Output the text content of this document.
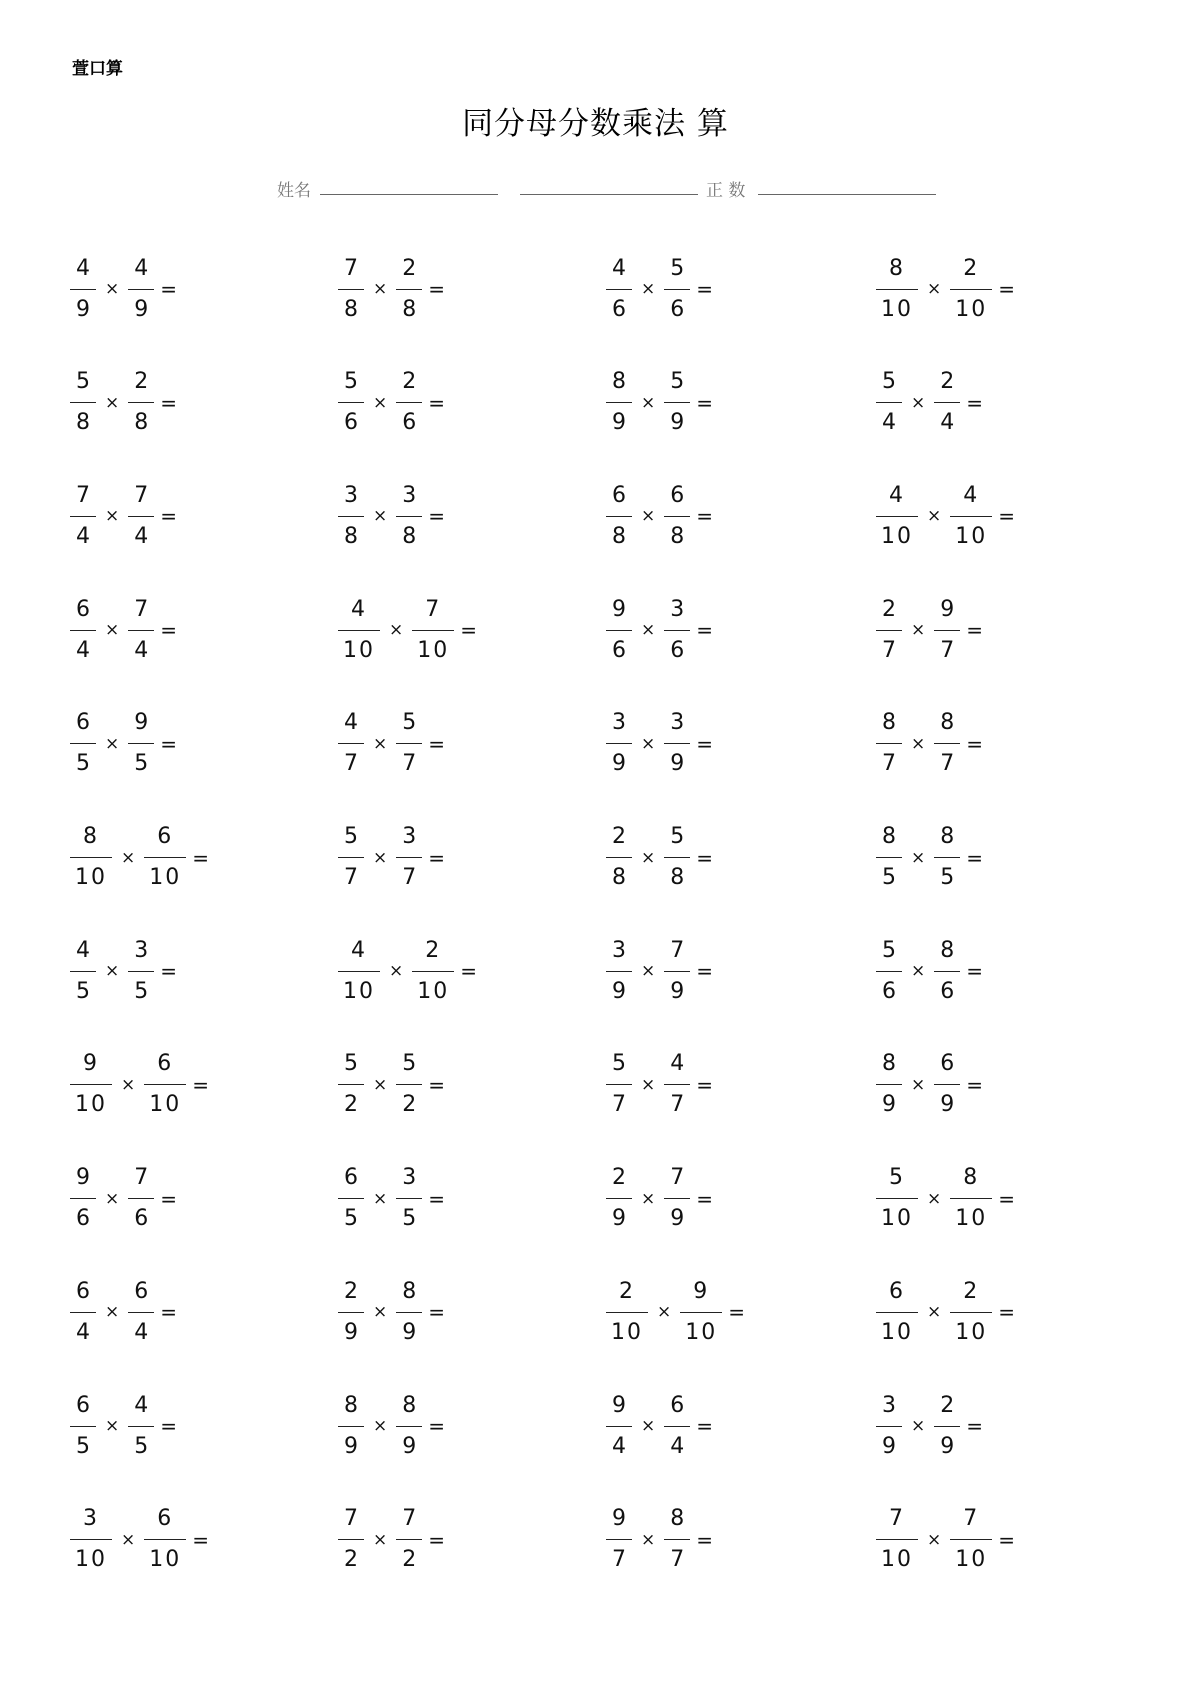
萱口算
同分母分数乘法 算
姓名	正 数
$\frac{4}{9} \times \frac{4}{9}$ =	$\frac{7}{8} \times \frac{2}{8}$ =	$\frac{4}{6} \times \frac{5}{6}$ =	$\frac{8}{10} \times \frac{2}{10}$ =
$\frac{5}{8} \times \frac{2}{8}$ =	$\frac{5}{6} \times \frac{2}{6}$ =	$\frac{8}{9} \times \frac{5}{9}$ =	$\frac{5}{4} \times \frac{2}{4}$ =
$\frac{7}{4} \times \frac{7}{4}$ =	$\frac{3}{8} \times \frac{3}{8}$ =	$\frac{6}{8} \times \frac{6}{8}$ =	$\frac{4}{10} \times \frac{4}{10}$ =
$\frac{6}{4} \times \frac{7}{4}$ =	$\frac{4}{10} \times \frac{7}{10}$ =	$\frac{9}{6} \times \frac{3}{6}$ =	$\frac{2}{7} \times \frac{9}{7}$ =
$\frac{6}{5} \times \frac{9}{5}$ =	$\frac{4}{7} \times \frac{5}{7}$ =	$\frac{3}{9} \times \frac{3}{9}$ =	$\frac{8}{7} \times \frac{8}{7}$ =
$\frac{8}{10} \times \frac{6}{10}$ =	$\frac{5}{7} \times \frac{3}{7}$ =	$\frac{2}{8} \times \frac{5}{8}$ =	$\frac{8}{5} \times \frac{8}{5}$ =
$\frac{4}{5} \times \frac{3}{5}$ =	$\frac{4}{10} \times \frac{2}{10}$ =	$\frac{3}{9} \times \frac{7}{9}$ =	$\frac{5}{6} \times \frac{8}{6}$ =
$\frac{9}{10} \times \frac{6}{10}$ =	$\frac{5}{2} \times \frac{5}{2}$ =	$\frac{5}{7} \times \frac{4}{7}$ =	$\frac{8}{9} \times \frac{6}{9}$ =
$\frac{9}{6} \times \frac{7}{6}$ =	$\frac{6}{5} \times \frac{3}{5}$ =	$\frac{2}{9} \times \frac{7}{9}$ =	$\frac{5}{10} \times \frac{8}{10}$ =
$\frac{6}{4} \times \frac{6}{4}$ =	$\frac{2}{9} \times \frac{8}{9}$ =	$\frac{2}{10} \times \frac{9}{10}$ =	$\frac{6}{10} \times \frac{2}{10}$ =
$\frac{6}{5} \times \frac{4}{5}$ =	$\frac{8}{9} \times \frac{8}{9}$ =	$\frac{9}{4} \times \frac{6}{4}$ =	$\frac{3}{9} \times \frac{2}{9}$ =
$\frac{3}{10} \times \frac{6}{10}$ =	$\frac{7}{2} \times \frac{7}{2}$ =	$\frac{9}{7} \times \frac{8}{7}$ =	$\frac{7}{10} \times \frac{7}{10}$ =
